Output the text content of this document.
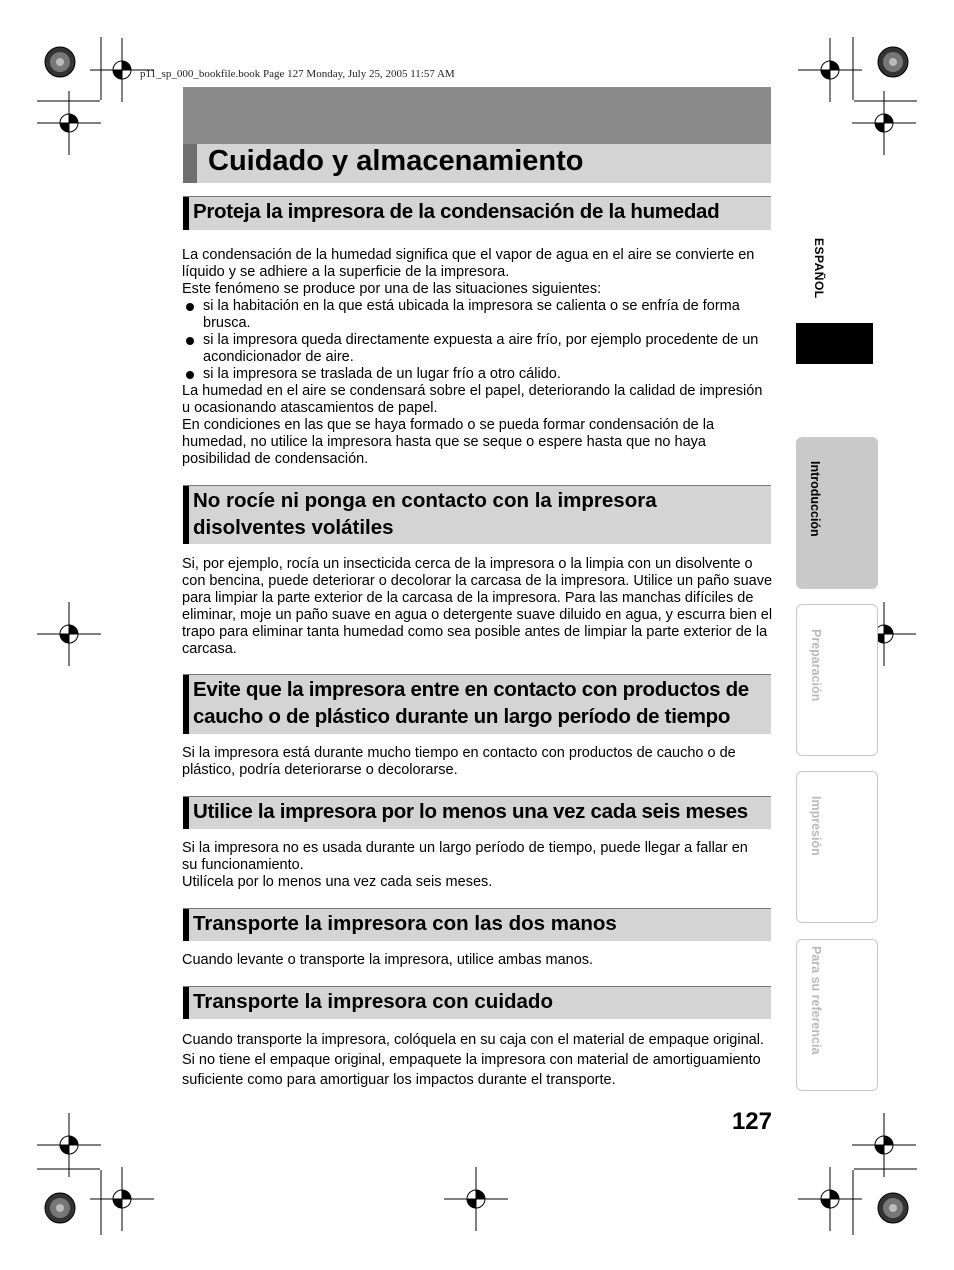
p11_sp_000_bookfile.book Page 127 Monday, July 25, 2005 11:57 AM
Cuidado y almacenamiento
Proteja la impresora de la condensación de la humedad

La condensación de la humedad significa que el vapor de agua en el aire se convierte en líquido y se adhiere a la superficie de la impresora.

Este fenómeno se produce por una de las situaciones siguientes:

si la habitación en la que está ubicada la impresora se calienta o se enfría de forma brusca.
si la impresora queda directamente expuesta a aire frío, por ejemplo procedente de un acondicionador de aire.
si la impresora se traslada de un lugar frío a otro cálido.

La humedad en el aire se condensará sobre el papel, deteriorando la calidad de impresión u ocasionando atascamientos de papel.

En condiciones en las que se haya formado o se pueda formar condensación de la humedad, no utilice la impresora hasta que se seque o espere hasta que no haya posibilidad de condensación.

No rocíe ni ponga en contacto con la impresora disolventes volátiles

Si, por ejemplo, rocía un insecticida cerca de la impresora o la limpia con un disolvente o con bencina, puede deteriorar o decolorar la carcasa de la impresora. Utilice un paño suave para limpiar la parte exterior de la carcasa de la impresora. Para las manchas difíciles de eliminar, moje un paño suave en agua o detergente suave diluido en agua, y escurra bien el trapo para eliminar tanta humedad como sea posible antes de limpiar la parte exterior de la carcasa.

Evite que la impresora entre en contacto con productos de caucho o de plástico durante un largo período de tiempo

Si la impresora está durante mucho tiempo en contacto con productos de caucho o de plástico, podría deteriorarse o decolorarse.

Utilice la impresora por lo menos una vez cada seis meses

Si la impresora no es usada durante un largo período de tiempo, puede llegar a fallar en su funcionamiento.

Utilícela por lo menos una vez cada seis meses.

Transporte la impresora con las dos manos

Cuando levante o transporte la impresora, utilice ambas manos.

Transporte la impresora con cuidado

Cuando transporte la impresora, colóquela en su caja con el material de empaque original. Si no tiene el empaque original, empaquete la impresora con material de amortiguamiento suficiente como para amortiguar los impactos durante el transporte.

127
ESPAÑOL
Introducción
Preparación
Impresión
Para su referencia
